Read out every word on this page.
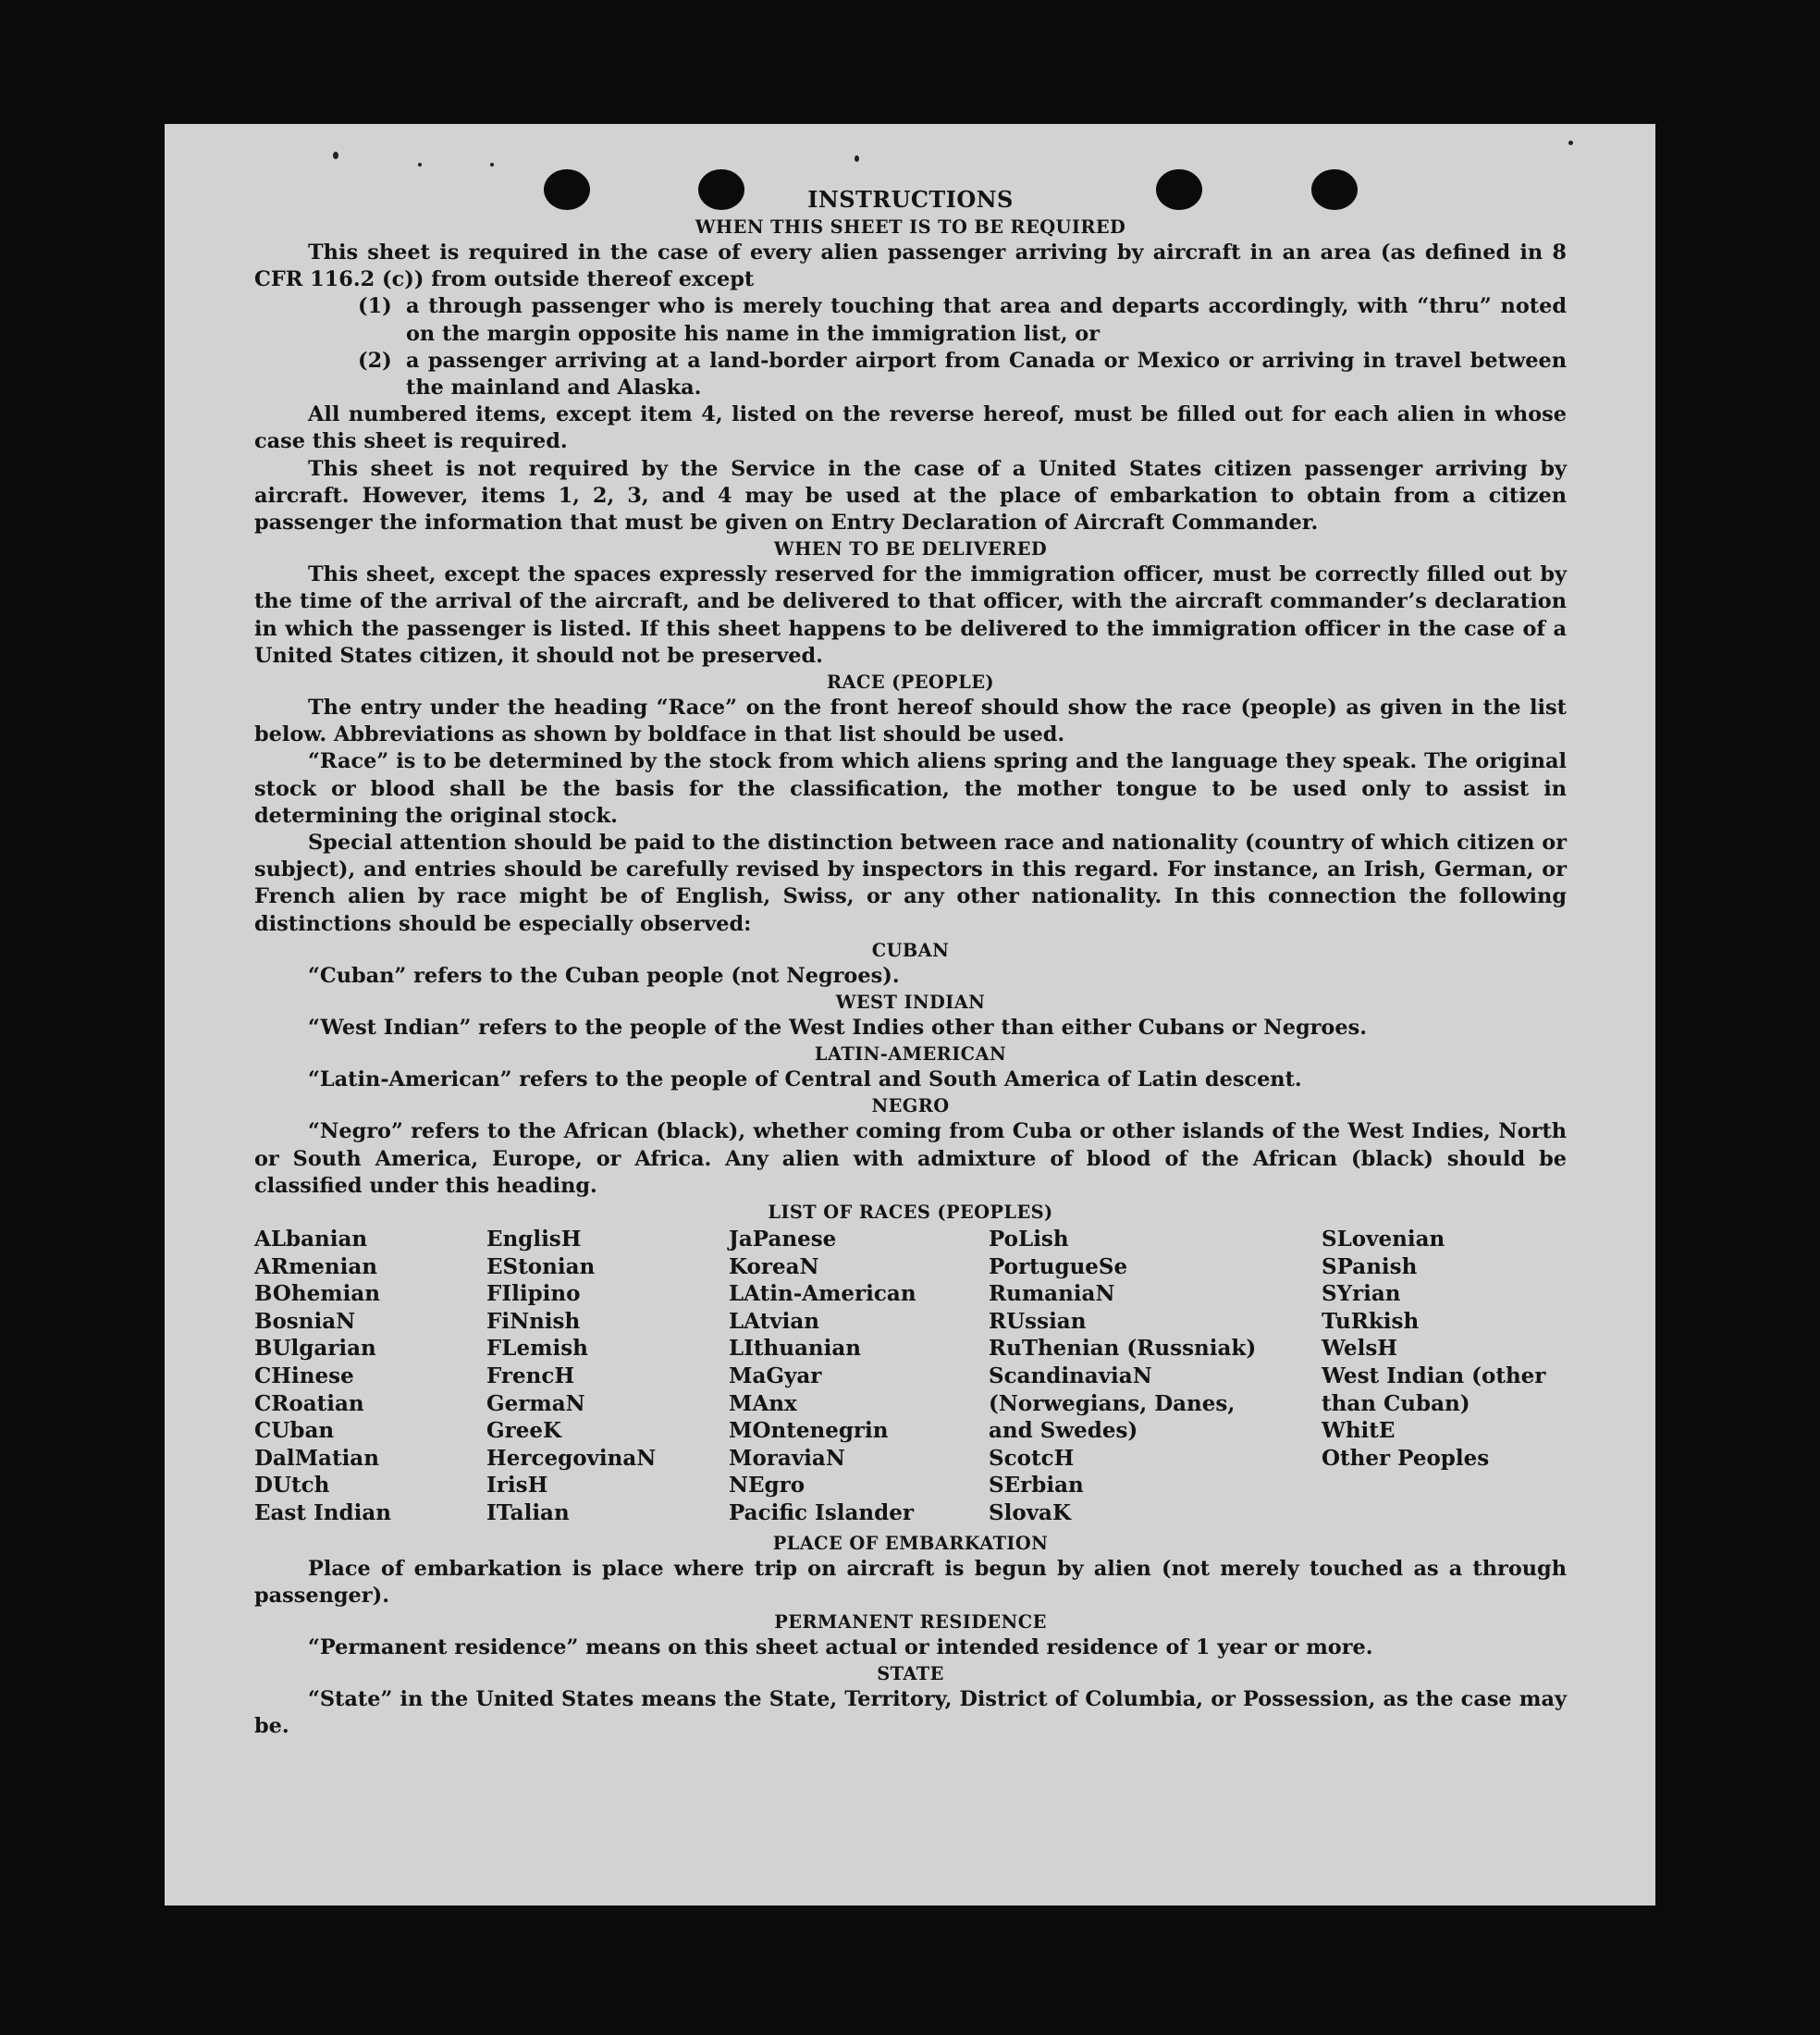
INSTRUCTIONS

WHEN THIS SHEET IS TO BE REQUIRED

This sheet is required in the case of every alien passenger arriving by aircraft in an area (as defined in 8 CFR 116.2 (c)) from outside thereof except

(1) a through passenger who is merely touching that area and departs accordingly, with “thru” noted on the margin opposite his name in the immigration list, or

(2) a passenger arriving at a land-border airport from Canada or Mexico or arriving in travel between the mainland and Alaska.

All numbered items, except item 4, listed on the reverse hereof, must be filled out for each alien in whose case this sheet is required.

This sheet is not required by the Service in the case of a United States citizen passenger arriving by aircraft. However, items 1, 2, 3, and 4 may be used at the place of embarkation to obtain from a citizen passenger the information that must be given on Entry Declaration of Aircraft Commander.

WHEN TO BE DELIVERED

This sheet, except the spaces expressly reserved for the immigration officer, must be correctly filled out by the time of the arrival of the aircraft, and be delivered to that officer, with the aircraft commander’s declaration in which the passenger is listed. If this sheet happens to be delivered to the immigration officer in the case of a United States citizen, it should not be preserved.

RACE (PEOPLE)

The entry under the heading “Race” on the front hereof should show the race (people) as given in the list below. Abbreviations as shown by boldface in that list should be used.

“Race” is to be determined by the stock from which aliens spring and the language they speak. The original stock or blood shall be the basis for the classification, the mother tongue to be used only to assist in determining the original stock.

Special attention should be paid to the distinction between race and nationality (country of which citizen or subject), and entries should be carefully revised by inspectors in this regard. For instance, an Irish, German, or French alien by race might be of English, Swiss, or any other nationality. In this connection the following distinctions should be especially observed:

CUBAN

“Cuban” refers to the Cuban people (not Negroes).

WEST INDIAN

“West Indian” refers to the people of the West Indies other than either Cubans or Negroes.

LATIN-AMERICAN

“Latin-American” refers to the people of Central and South America of Latin descent.

NEGRO

“Negro” refers to the African (black), whether coming from Cuba or other islands of the West Indies, North or South America, Europe, or Africa. Any alien with admixture of blood of the African (black) should be classified under this heading.

LIST OF RACES (PEOPLES)

ALbanian
ARmenian
BOhemian
BosniaN
BUlgarian
CHinese
CRoatian
CUban
DalMatian
DUtch
East Indian
EnglisH
EStonian
FIlipino
FiNnish
FLemish
FrencH
GermaN
GreeK
HercegovinaN
IrisH
ITalian
JaPanese
KoreaN
LAtin-American
LAtvian
LIthuanian
MaGyar
MAnx
MOntenegrin
MoraviaN
NEgro
Pacific Islander
PoLish
PortugueSe
RumaniaN
RUssian
RuThenian (Russniak)
ScandinaviaN (Norwegians, Danes, and Swedes)
ScotcH
SErbian
SlovaK
SLovenian
SPanish
SYrian
TuRkish
WelsH
West Indian (other than Cuban)
WhitE
Other Peoples

PLACE OF EMBARKATION

Place of embarkation is place where trip on aircraft is begun by alien (not merely touched as a through passenger).

PERMANENT RESIDENCE

“Permanent residence” means on this sheet actual or intended residence of 1 year or more.

STATE

“State” in the United States means the State, Territory, District of Columbia, or Possession, as the case may be.
